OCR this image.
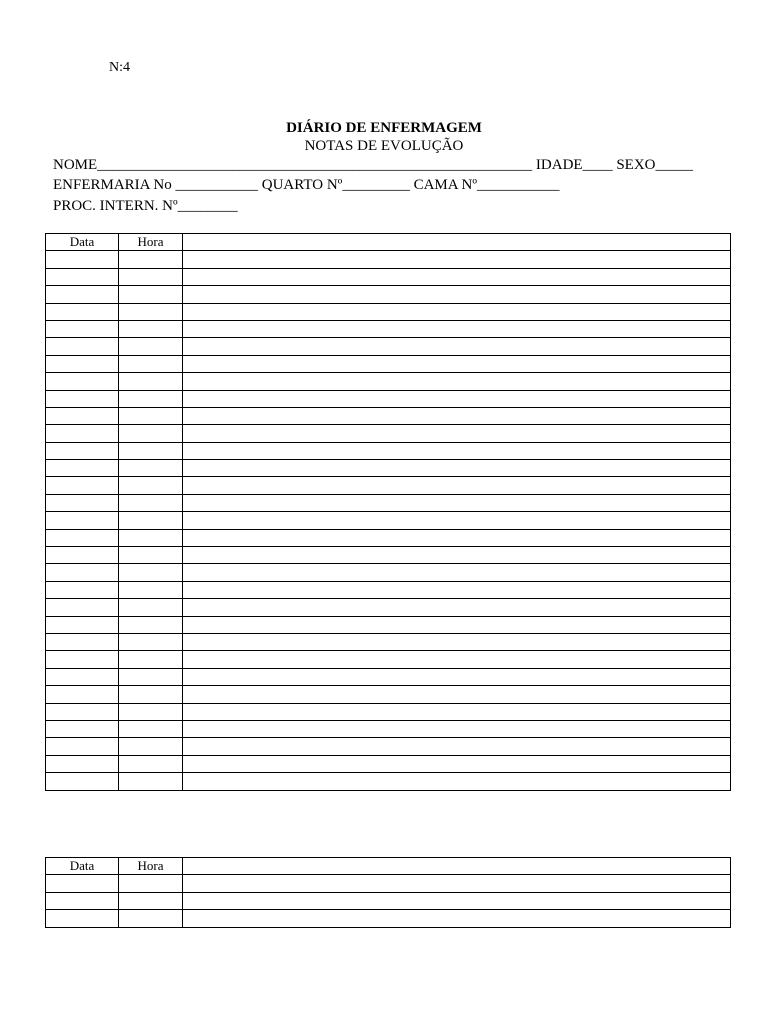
N:4
DIÁRIO DE ENFERMAGEM
NOTAS DE EVOLUÇÃO
NOME__________________________________________________________ IDADE____ SEXO_____
ENFERMARIA No ___________ QUARTO Nº_________ CAMA Nº___________
PROC. INTERN. Nº________
Data	Hora	

Data	Hora	
